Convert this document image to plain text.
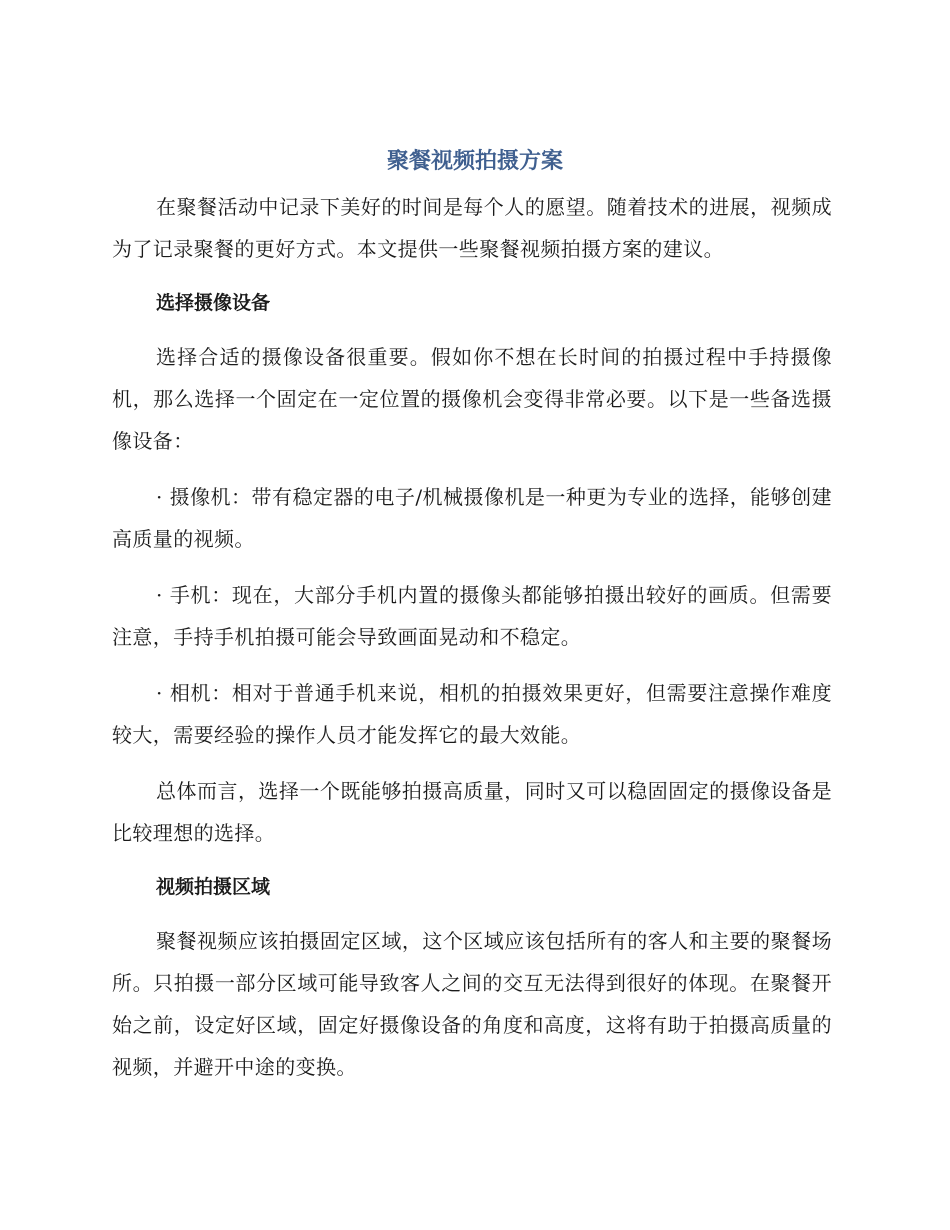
聚餐视频拍摄方案

在聚餐活动中记录下美好的时间是每个人的愿望。随着技术的进展，视频成为了记录聚餐的更好方式。本文提供一些聚餐视频拍摄方案的建议。

选择摄像设备

选择合适的摄像设备很重要。假如你不想在长时间的拍摄过程中手持摄像机，那么选择一个固定在一定位置的摄像机会变得非常必要。以下是一些备选摄像设备：

· 摄像机：带有稳定器的电子/机械摄像机是一种更为专业的选择，能够创建高质量的视频。

· 手机：现在，大部分手机内置的摄像头都能够拍摄出较好的画质。但需要注意，手持手机拍摄可能会导致画面晃动和不稳定。

· 相机：相对于普通手机来说，相机的拍摄效果更好，但需要注意操作难度较大，需要经验的操作人员才能发挥它的最大效能。

总体而言，选择一个既能够拍摄高质量，同时又可以稳固固定的摄像设备是比较理想的选择。

视频拍摄区域

聚餐视频应该拍摄固定区域，这个区域应该包括所有的客人和主要的聚餐场所。只拍摄一部分区域可能导致客人之间的交互无法得到很好的体现。在聚餐开始之前，设定好区域，固定好摄像设备的角度和高度，这将有助于拍摄高质量的视频，并避开中途的变换。
